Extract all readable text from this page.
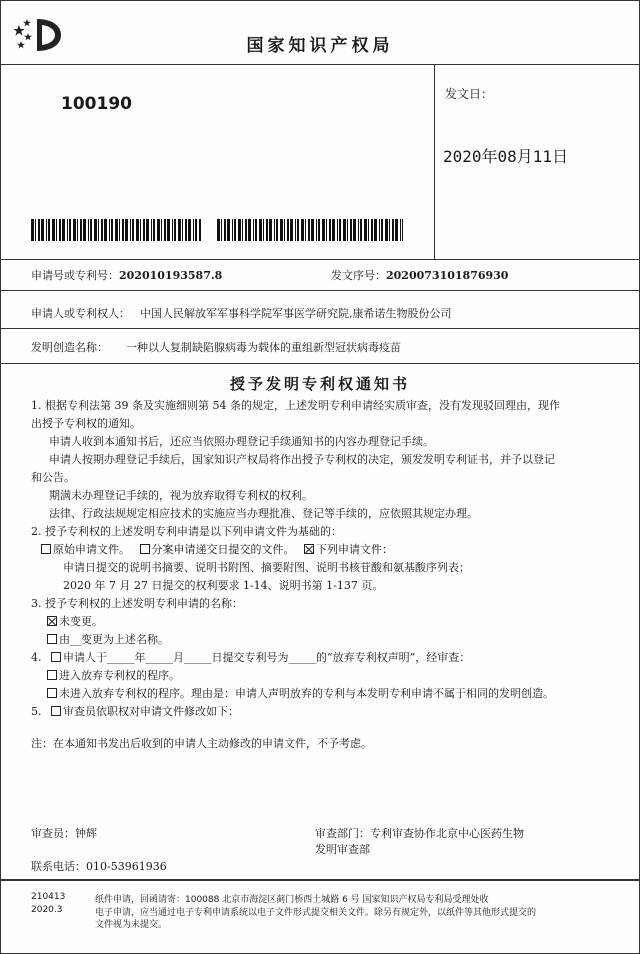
国家知识产权局
100190	发文日：
2020年08月11日
申请号或专利号：202010193587.8	发文序号：2020073101876930
申请人或专利权人： 中国人民解放军军事科学院军事医学研究院,康希诺生物股份公司
发明创造名称： 一种以人复制缺陷腺病毒为载体的重组新型冠状病毒疫苗
授予发明专利权通知书
1. 根据专利法第 39 条及实施细则第 54 条的规定，上述发明专利申请经实质审查，没有发现驳回理由，现作
出授予专利权的通知。
申请人收到本通知书后，还应当依照办理登记手续通知书的内容办理登记手续。
申请人按期办理登记手续后，国家知识产权局将作出授予专利权的决定，颁发发明专利证书，并予以登记
和公告。
期满未办理登记手续的，视为放弃取得专利权的权利。
法律、行政法规规定相应技术的实施应当办理批准、登记等手续的，应依照其规定办理。
2. 授予专利权的上述发明专利申请是以下列申请文件为基础的：
原始申请文件。 分案申请递交日提交的文件。 下列申请文件：
申请日提交的说明书摘要、说明书附图、摘要附图、说明书核苷酸和氨基酸序列表；
2020 年 7 月 27 日提交的权利要求 1-14、说明书第 1-137 页。
3. 授予专利权的上述发明专利申请的名称：
未变更。
由__变更为上述名称。
4. 申请人于_____年_____月_____日提交专利号为_____的“放弃专利权声明”，经审查：
进入放弃专利权的程序。
未进入放弃专利权的程序。理由是：申请人声明放弃的专利与本发明专利申请不属于相同的发明创造。
5. 审查员依职权对申请文件修改如下：
注：在本通知书发出后收到的申请人主动修改的申请文件，不予考虑。
审查员：钟辉	审查部门：专利审查协作北京中心医药生物
发明审查部
联系电话：010-53961936
210413
2020.3
纸件申请，回函请寄：100088 北京市海淀区蓟门桥西土城路 6 号 国家知识产权局专利局受理处收
电子申请，应当通过电子专利申请系统以电子文件形式提交相关文件。除另有规定外，以纸件等其他形式提交的
文件视为未提交。
